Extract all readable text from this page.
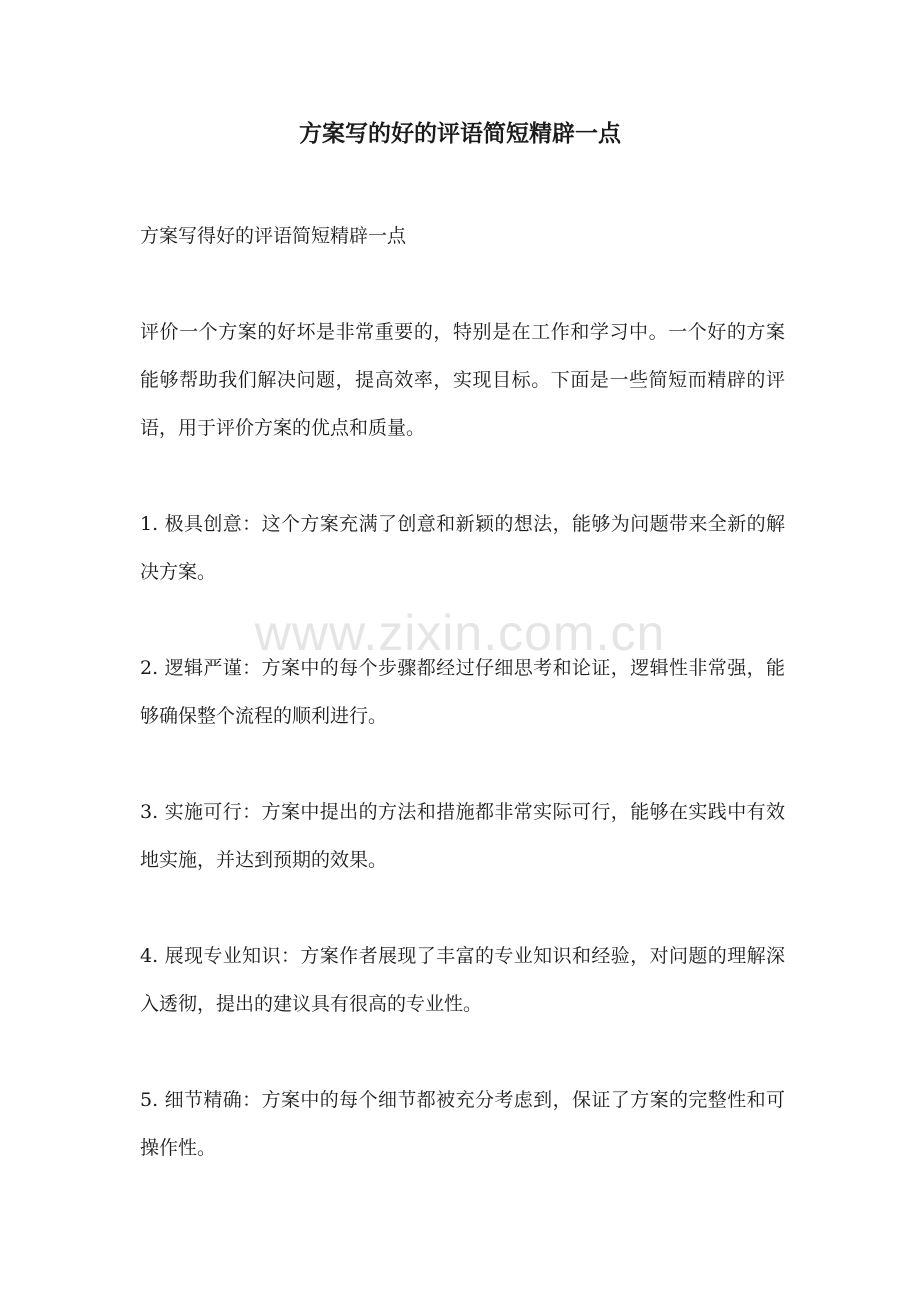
方案写的好的评语简短精辟一点

方案写得好的评语简短精辟一点

评价一个方案的好坏是非常重要的，特别是在工作和学习中。一个好的方案能够帮助我们解决问题，提高效率，实现目标。下面是一些简短而精辟的评语，用于评价方案的优点和质量。

1. 极具创意：这个方案充满了创意和新颖的想法，能够为问题带来全新的解决方案。

2. 逻辑严谨：方案中的每个步骤都经过仔细思考和论证，逻辑性非常强，能够确保整个流程的顺利进行。

3. 实施可行：方案中提出的方法和措施都非常实际可行，能够在实践中有效地实施，并达到预期的效果。

4. 展现专业知识：方案作者展现了丰富的专业知识和经验，对问题的理解深入透彻，提出的建议具有很高的专业性。

5. 细节精确：方案中的每个细节都被充分考虑到，保证了方案的完整性和可操作性。

www.zixin.com.cn
